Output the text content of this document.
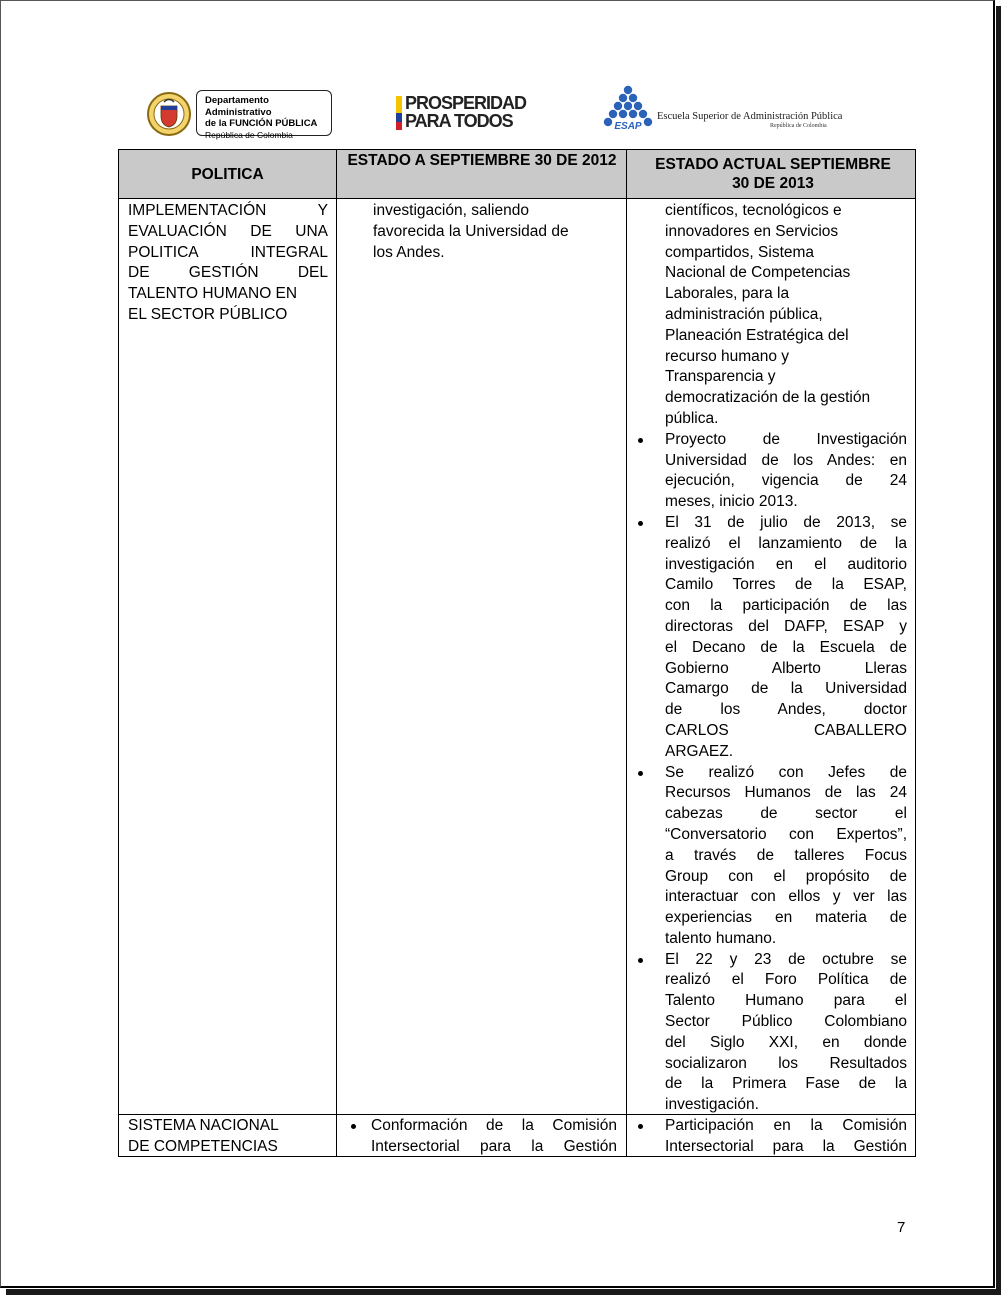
Departamento Administrativo
de la FUNCIÓN PÚBLICA
República de Colombia
PROSPERIDAD
PARA TODOS	ESAP
Escuela Superior de Administración Pública
República de Colombia
POLITICA
ESTADO A SEPTIEMBRE 30 DE 2012	ESTADO ACTUAL SEPTIEMBRE 30 DE 2013
IMPLEMENTACIÓN Y
EVALUACIÓN DE UNA
POLITICA INTEGRAL
DE GESTIÓN DEL
TALENTO HUMANO EN
EL SECTOR PÚBLICO
investigación, saliendo
favorecida la Universidad de
los Andes.
científicos, tecnológicos e
innovadores en Servicios
compartidos, Sistema
Nacional de Competencias
Laborales, para la
administración pública,
Planeación Estratégica del
recurso humano y
Transparencia y
democratización de la gestión
pública.
Proyecto de Investigación
Universidad de los Andes: en
ejecución, vigencia de 24
meses, inicio 2013.
El 31 de julio de 2013, se
realizó el lanzamiento de la
investigación en el auditorio
Camilo Torres de la ESAP,
con la participación de las
directoras del DAFP, ESAP y
el Decano de la Escuela de
Gobierno Alberto Lleras
Camargo de la Universidad
de los Andes, doctor
CARLOS CABALLERO
ARGAEZ.
Se realizó con Jefes de
Recursos Humanos de las 24
cabezas de sector el
“Conversatorio con Expertos”,
a través de talleres Focus
Group con el propósito de
interactuar con ellos y ver las
experiencias en materia de
talento humano.
El 22 y 23 de octubre se
realizó el Foro Política de
Talento Humano para el
Sector Público Colombiano
del Siglo XXI, en donde
socializaron los Resultados
de la Primera Fase de la
investigación.
SISTEMA NACIONAL
DE COMPETENCIAS
Conformación de la Comisión
Intersectorial para la Gestión
Participación en la Comisión
Intersectorial para la Gestión
7
